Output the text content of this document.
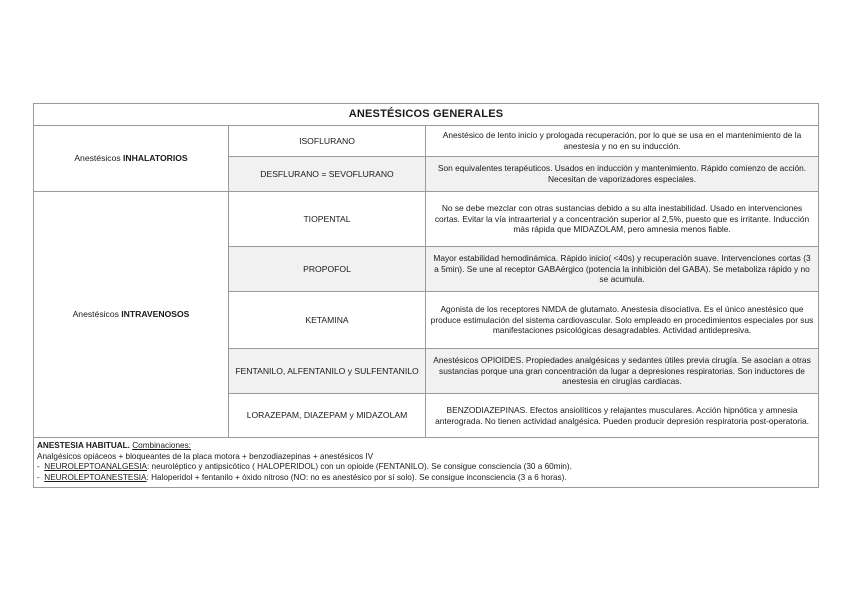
ANESTÉSICOS GENERALES		
Anestésicos INHALATORIOS	ISOFLURANO	Anestésico de lento inicio y prologada recuperación, por lo que se usa en el mantenimiento de la anestesia y no en su inducción.
	DESFLURANO = SEVOFLURANO	Son equivalentes terapéuticos. Usados en inducción y mantenimiento. Rápido comienzo de acción. Necesitan de vaporizadores especiales.
Anestésicos INTRAVENOSOS	TIOPENTAL	No se debe mezclar con otras sustancias debido a su alta inestabilidad. Usado en intervenciones cortas. Evitar la vía intraarterial y a concentración superior al 2,5%, puesto que es irritante. Inducción más rápida que MIDAZOLAM, pero amnesia menos fiable.
	PROPOFOL	Mayor estabilidad hemodinámica. Rápido inicio( <40s) y recuperación suave. Intervenciones cortas (3 a 5min). Se une al receptor GABAérgico (potencia la inhibición del GABA). Se metaboliza rápido y no se acumula.
	KETAMINA	Agonista de los receptores NMDA de glutamato. Anestesia disociativa. Es el único anestésico que produce estimulación del sistema cardiovascular. Solo empleado en procedimientos especiales por sus manifestaciones psicológicas desagradables. Actividad antidepresiva.
	FENTANILO, ALFENTANILO y SULFENTANILO	Anestésicos OPIOIDES. Propiedades analgésicas y sedantes útiles previa cirugía. Se asocian a otras sustancias porque una gran concentración da lugar a depresiones respiratorias. Son inductores de anestesia en cirugías cardiacas.
	LORAZEPAM, DIAZEPAM y MIDAZOLAM	BENZODIAZEPINAS. Efectos ansiolíticos y relajantes musculares. Acción hipnótica y amnesia anterograda. No tienen actividad analgésica. Pueden producir depresión respiratoria post-operatoria.

ANESTESIA HABITUAL. Combinaciones:
Analgésicos opiáceos + bloqueantes de la placa motora + benzodiazepinas + anestésicos IV
- NEUROLEPTOANALGESIA: neuroléptico y antipsicótico ( HALOPERIDOL) con un opioide (FENTANILO). Se consigue consciencia (30 a 60min).
- NEUROLEPTOANESTESIA: Haloperidol + fentanilo + óxido nitroso (NO: no es anestésico por sí solo). Se consigue inconsciencia (3 a 6 horas).		
